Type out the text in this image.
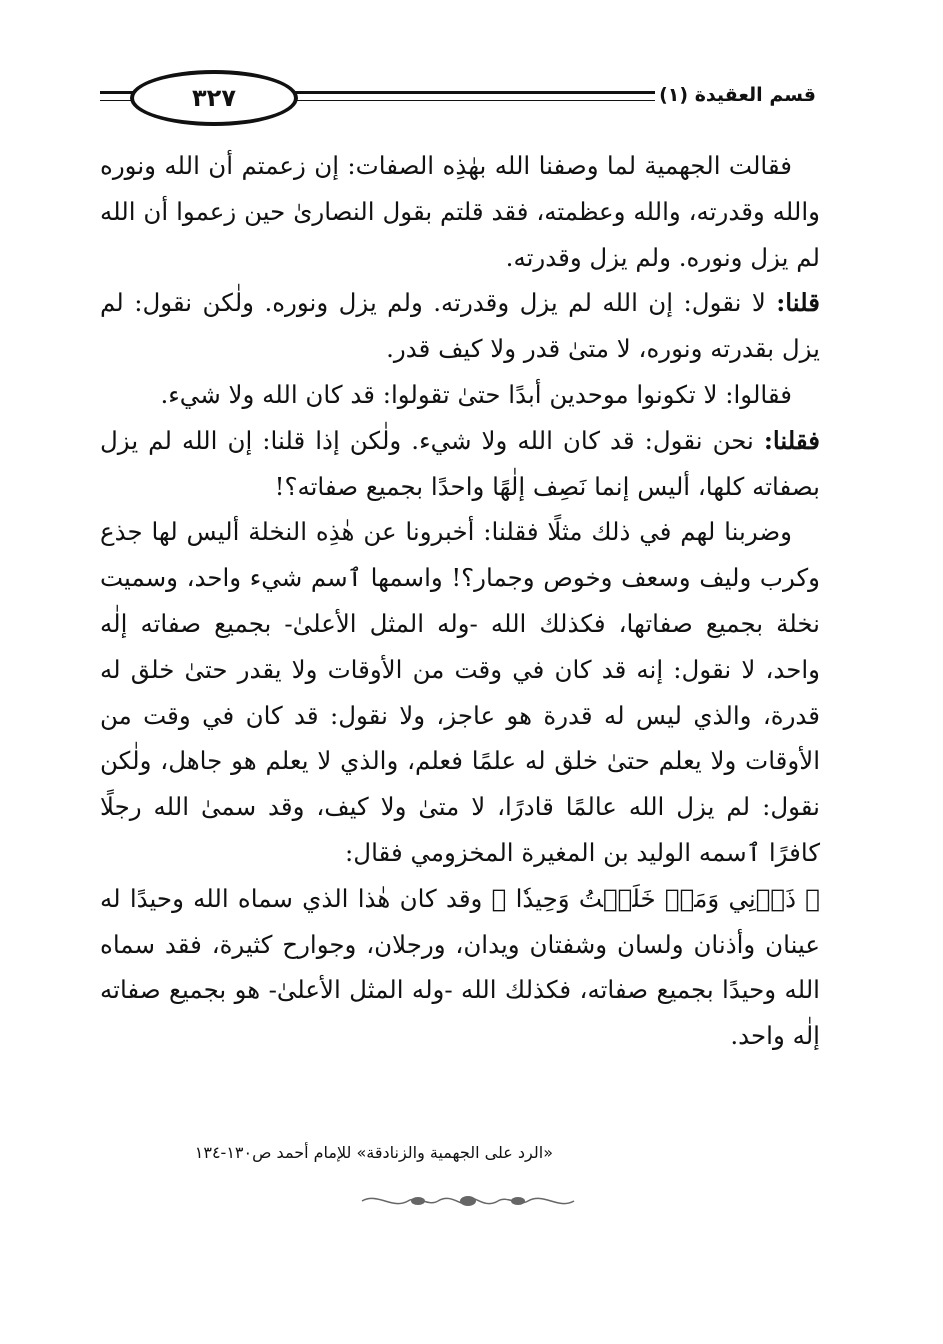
٣٢٧	قسم العقيدة (١)

فقالت الجهمية لما وصفنا الله بهٰذِه الصفات: إن زعمتم أن الله ونوره والله وقدرته، والله وعظمته، فقد قلتم بقول النصارىٰ حين زعموا أن الله لم يزل ونوره. ولم يزل وقدرته.

قلنا: لا نقول: إن الله لم يزل وقدرته. ولم يزل ونوره. ولٰكن نقول: لم يزل بقدرته ونوره، لا متىٰ قدر ولا كيف قدر.

فقالوا: لا تكونوا موحدين أبدًا حتىٰ تقولوا: قد كان الله ولا شيء.

فقلنا: نحن نقول: قد كان الله ولا شيء. ولٰكن إذا قلنا: إن الله لم يزل بصفاته كلها، أليس إنما نَصِف إلٰهًا واحدًا بجميع صفاته؟!

وضربنا لهم في ذلك مثلًا فقلنا: أخبرونا عن هٰذِه النخلة أليس لها جذع وكرب وليف وسعف وخوص وجمار؟! واسمها ٱسم شيء واحد، وسميت نخلة بجميع صفاتها، فكذلك الله -وله المثل الأعلىٰ- بجميع صفاته إلٰه واحد، لا نقول: إنه قد كان في وقت من الأوقات ولا يقدر حتىٰ خلق له قدرة، والذي ليس له قدرة هو عاجز، ولا نقول: قد كان في وقت من الأوقات ولا يعلم حتىٰ خلق له علمًا فعلم، والذي لا يعلم هو جاهل، ولٰكن نقول: لم يزل الله عالمًا قادرًا، لا متىٰ ولا كيف، وقد سمىٰ الله رجلًا كافرًا ٱسمه الوليد بن المغيرة المخزومي فقال:
﴿ ذَرۡنِي وَمَنۡ خَلَقۡتُ وَحِيدٗا ﴾ وقد كان هٰذا الذي سماه الله وحيدًا له عينان وأذنان ولسان وشفتان ويدان، ورجلان، وجوارح كثيرة، فقد سماه الله وحيدًا بجميع صفاته، فكذلك الله -وله المثل الأعلىٰ- هو بجميع صفاته إلٰه واحد.

«الرد على الجهمية والزنادقة» للإمام أحمد ص١٣٠-١٣٤
